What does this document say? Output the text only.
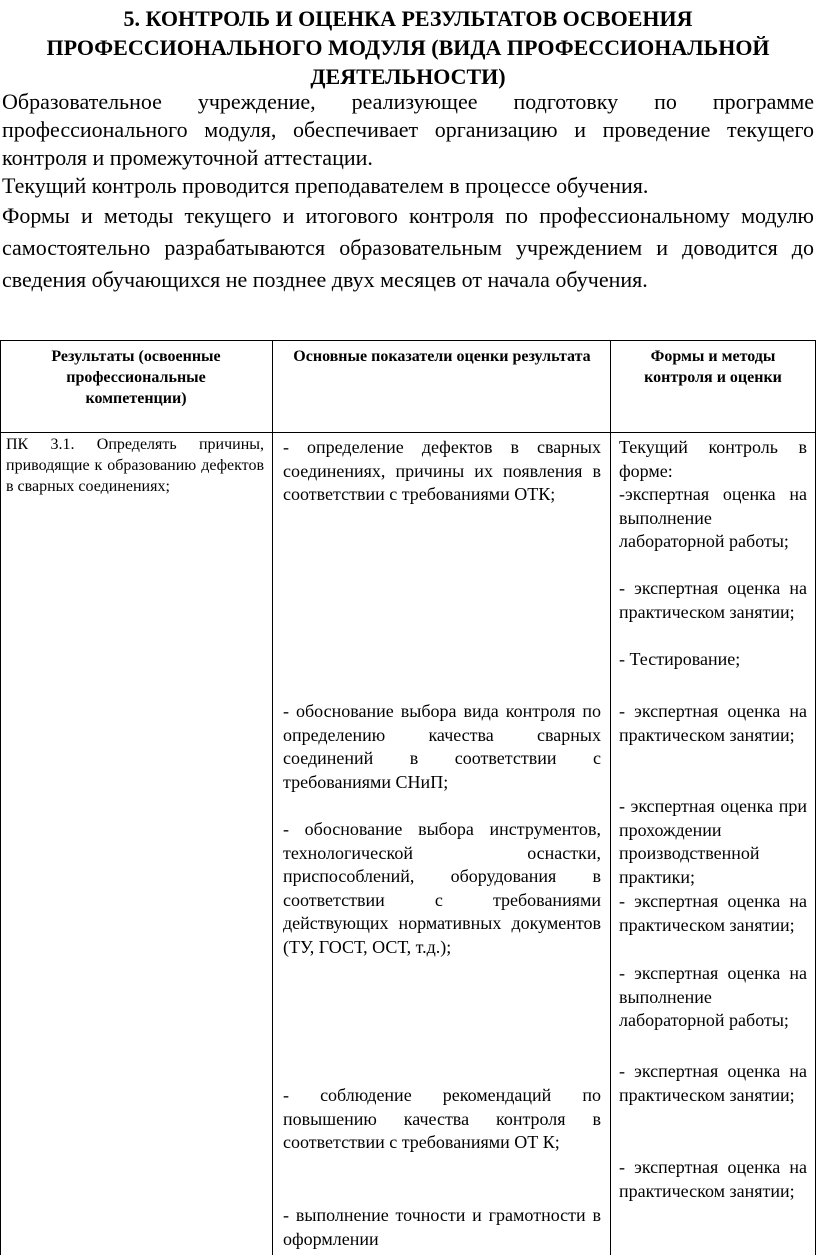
5. КОНТРОЛЬ И ОЦЕНКА РЕЗУЛЬТАТОВ ОСВОЕНИЯ
ПРОФЕССИОНАЛЬНОГО МОДУЛЯ (ВИДА ПРОФЕССИОНАЛЬНОЙ
ДЕЯТЕЛЬНОСТИ)

Образовательное учреждение, реализующее подготовку по программе профессионального модуля, обеспечивает организацию и проведение текущего контроля и промежуточной аттестации.

Текущий контроль проводится преподавателем в процессе обучения.

Формы и методы текущего и итогового контроля по профессиональному модулю самостоятельно разрабатываются образовательным учреждением и доводится до сведения обучающихся не позднее двух месяцев от начала обучения.

Результаты (освоенные профессиональные компетенции)
Основные показатели оценки результата	Формы и методы контроля и оценки
ПК 3.1. Определять причины, приводящие к образованию дефектов в сварных соединениях;

- определение дефектов в сварных соединениях, причины их появления в соответствии с требованиями ОТК;

- обоснование выбора вида контроля по определению качества сварных соединений в соответствии с требованиями СНиП;

- обоснование выбора инструментов, технологической оснастки, приспособлений, оборудования в соответствии с требованиями действующих нормативных документов (ТУ, ГОСТ, ОСТ, т.д.);

- соблюдение рекомендаций по повышению качества контроля в соответствии с требованиями ОТ К;

- выполнение точности и грамотности в оформлении

Текущий контроль в форме:

-экспертная оценка на выполнение лабораторной работы;

- экспертная оценка на практическом занятии;

- Тестирование;

- экспертная оценка на практическом занятии;

- экспертная оценка при прохождении производственной практики;

- экспертная оценка на практическом занятии;

- экспертная оценка на выполнение лабораторной работы;

- экспертная оценка на практическом занятии;

- экспертная оценка на практическом занятии;
